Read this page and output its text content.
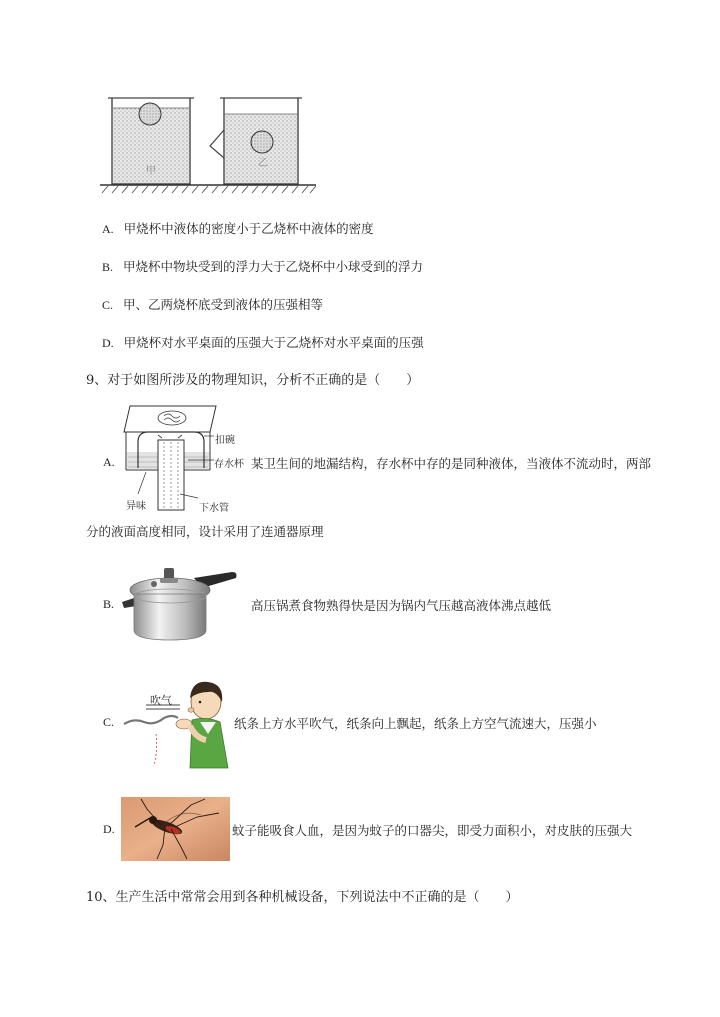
甲
乙
A. 甲烧杯中液体的密度小于乙烧杯中液体的密度
B. 甲烧杯中物块受到的浮力大于乙烧杯中小球受到的浮力
C. 甲、乙两烧杯底受到液体的压强相等
D. 甲烧杯对水平桌面的压强大于乙烧杯对水平桌面的压强
9、对于如图所涉及的物理知识，分析不正确的是（　　）
A.
扣碗
存水杯
异味	下水管
某卫生间的地漏结构，存水杯中存的是同种液体，当液体不流动时，两部
分的液面高度相同，设计采用了连通器原理
B.	高压锅煮食物熟得快是因为锅内气压越高液体沸点越低
C.
吹气
纸条上方水平吹气，纸条向上飘起，纸条上方空气流速大，压强小
D.	蚊子能吸食人血，是因为蚊子的口器尖，即受力面积小，对皮肤的压强大
10、生产生活中常常会用到各种机械设备，下列说法中不正确的是（　　）
